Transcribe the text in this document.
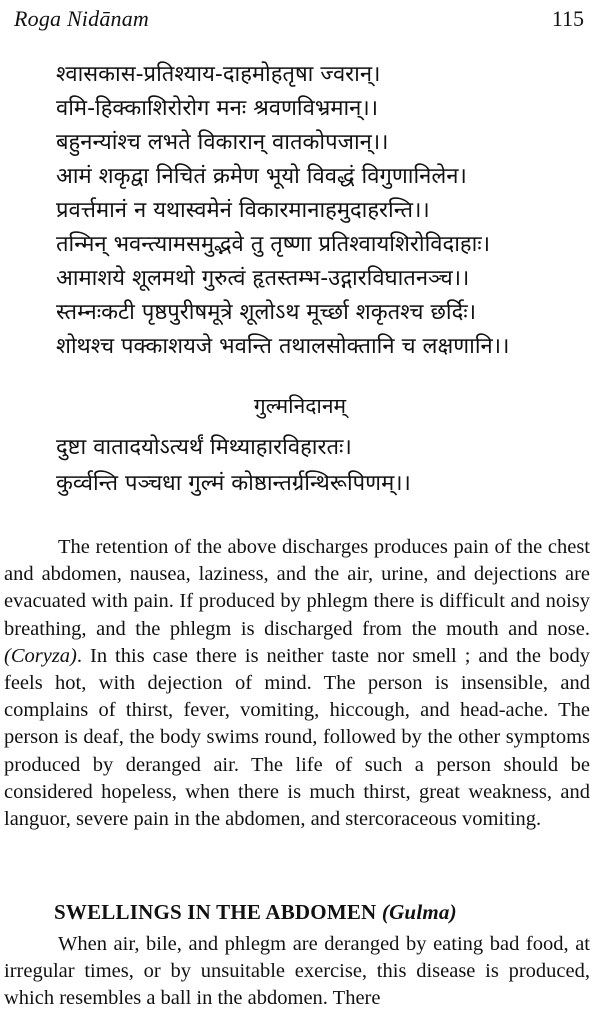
Roga Nidānam	115
श्वासकास-प्रतिश्याय-दाहमोहतृषा ज्वरान्।
वमि-हिक्काशिरोरोग मनः श्रवणविभ्रमान्।।
बहुनन्यांश्च लभते विकारान् वातकोपजान्।।
आमं शकृद्वा निचितं क्रमेण भूयो विवद्धं विगुणानिलेन।
प्रवर्त्तमानं न यथास्वमेनं विकारमानाहमुदाहरन्ति।।
तन्मिन् भवन्त्यामसमुद्भवे तु तृष्णा प्रतिश्वायशिरोविदाहाः।
आमाशये शूलमथो गुरुत्वं हृतस्तम्भ-उद्गारविघातनञ्च।।
स्तम्नःकटी पृष्ठपुरीषमूत्रे शूलोऽथ मूर्च्छा शकृतश्च छर्दिः।
शोथश्च पक्काशयजे भवन्ति तथालसोक्तानि च लक्षणानि।।
गुल्मनिदानम्
दुष्टा वातादयोऽत्यर्थं मिथ्याहारविहारतः।
कुर्व्वन्ति पञ्चधा गुल्मं कोष्ठान्तर्ग्रन्थिरूपिणम्।।

The retention of the above discharges produces pain of the chest and abdomen, nausea, laziness, and the air, urine, and dejections are evacuated with pain. If produced by phlegm there is difficult and noisy breathing, and the phlegm is discharged from the mouth and nose. (Coryza). In this case there is neither taste nor smell ; and the body feels hot, with dejection of mind. The person is insensible, and complains of thirst, fever, vomiting, hiccough, and head-ache. The person is deaf, the body swims round, followed by the other symptoms produced by deranged air. The life of such a person should be considered hopeless, when there is much thirst, great weakness, and languor, severe pain in the abdomen, and stercoraceous vomiting.

SWELLINGS IN THE ABDOMEN (Gulma)

When air, bile, and phlegm are deranged by eating bad food, at irregular times, or by unsuitable exercise, this disease is produced, which resembles a ball in the abdomen. There
